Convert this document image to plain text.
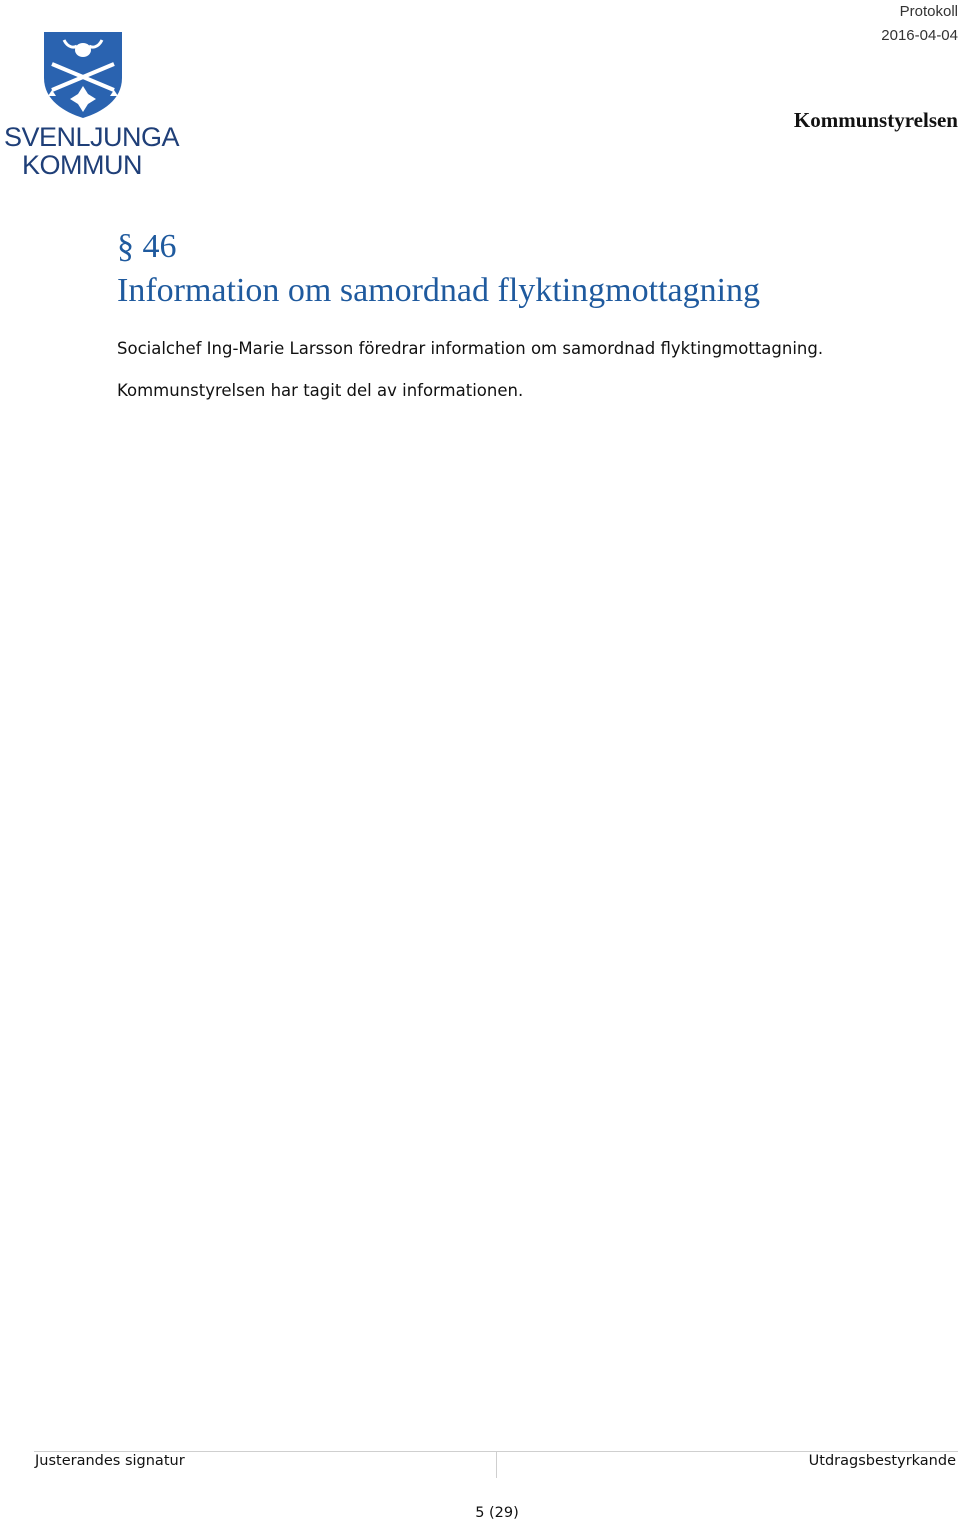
SVENLJUNGA
KOMMUN
Protokoll
2016-04-04
Kommunstyrelsen
§ 46
Information om samordnad flyktingmottagning
Socialchef Ing-Marie Larsson föredrar information om samordnad flyktingmottagning.
Kommunstyrelsen har tagit del av informationen.
Justerandes signatur	Utdragsbestyrkande
5 (29)
